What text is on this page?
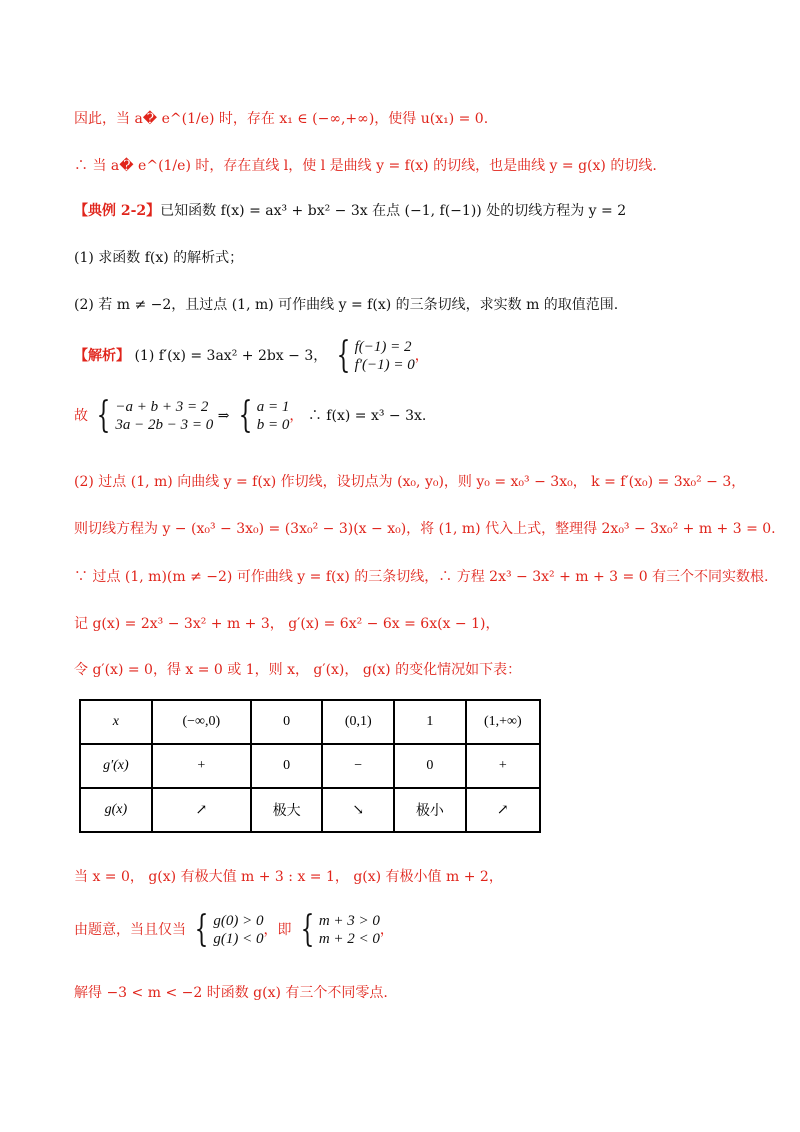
因此，当 a� e^(1/e) 时，存在 x₁ ∈ (−∞,+∞)，使得 u(x₁) = 0.
∴ 当 a� e^(1/e) 时，存在直线 l，使 l 是曲线 y = f(x) 的切线，也是曲线 y = g(x) 的切线.
【典例 2-2】已知函数 f(x) = ax³ + bx² − 3x 在点 (−1, f(−1)) 处的切线方程为 y = 2
(1) 求函数 f(x) 的解析式；
(2) 若 m ≠ −2，且过点 (1, m) 可作曲线 y = f(x) 的三条切线，求实数 m 的取值范围.
【解析】 (1) f′(x) = 3ax² + 2bx − 3， { f(−1) = 2
f′(−1) = 0
，
故 { −a + b + 3 = 2
3a − 2b − 3 = 0
⇒ { a = 1
b = 0
， ∴ f(x) = x³ − 3x.
(2) 过点 (1, m) 向曲线 y = f(x) 作切线，设切点为 (x₀, y₀)，则 y₀ = x₀³ − 3x₀， k = f′(x₀) = 3x₀² − 3，
则切线方程为 y − (x₀³ − 3x₀) = (3x₀² − 3)(x − x₀)，将 (1, m) 代入上式，整理得 2x₀³ − 3x₀² + m + 3 = 0.
∵ 过点 (1, m)(m ≠ −2) 可作曲线 y = f(x) 的三条切线，∴ 方程 2x³ − 3x² + m + 3 = 0 有三个不同实数根.
记 g(x) = 2x³ − 3x² + m + 3， g′(x) = 6x² − 6x = 6x(x − 1)，
令 g′(x) = 0，得 x = 0 或 1，则 x， g′(x)， g(x) 的变化情况如下表：
x	(−∞,0)	0	(0,1)	1	(1,+∞)
g′(x)	+	0	−	0	+
g(x)	↗	极大	↘	极小	↗
当 x = 0， g(x) 有极大值 m + 3 : x = 1， g(x) 有极小值 m + 2，
由题意，当且仅当 { g(0) > 0
g(1) < 0
，即 { m + 3 > 0
m + 2 < 0
，
解得 −3 < m < −2 时函数 g(x) 有三个不同零点.
